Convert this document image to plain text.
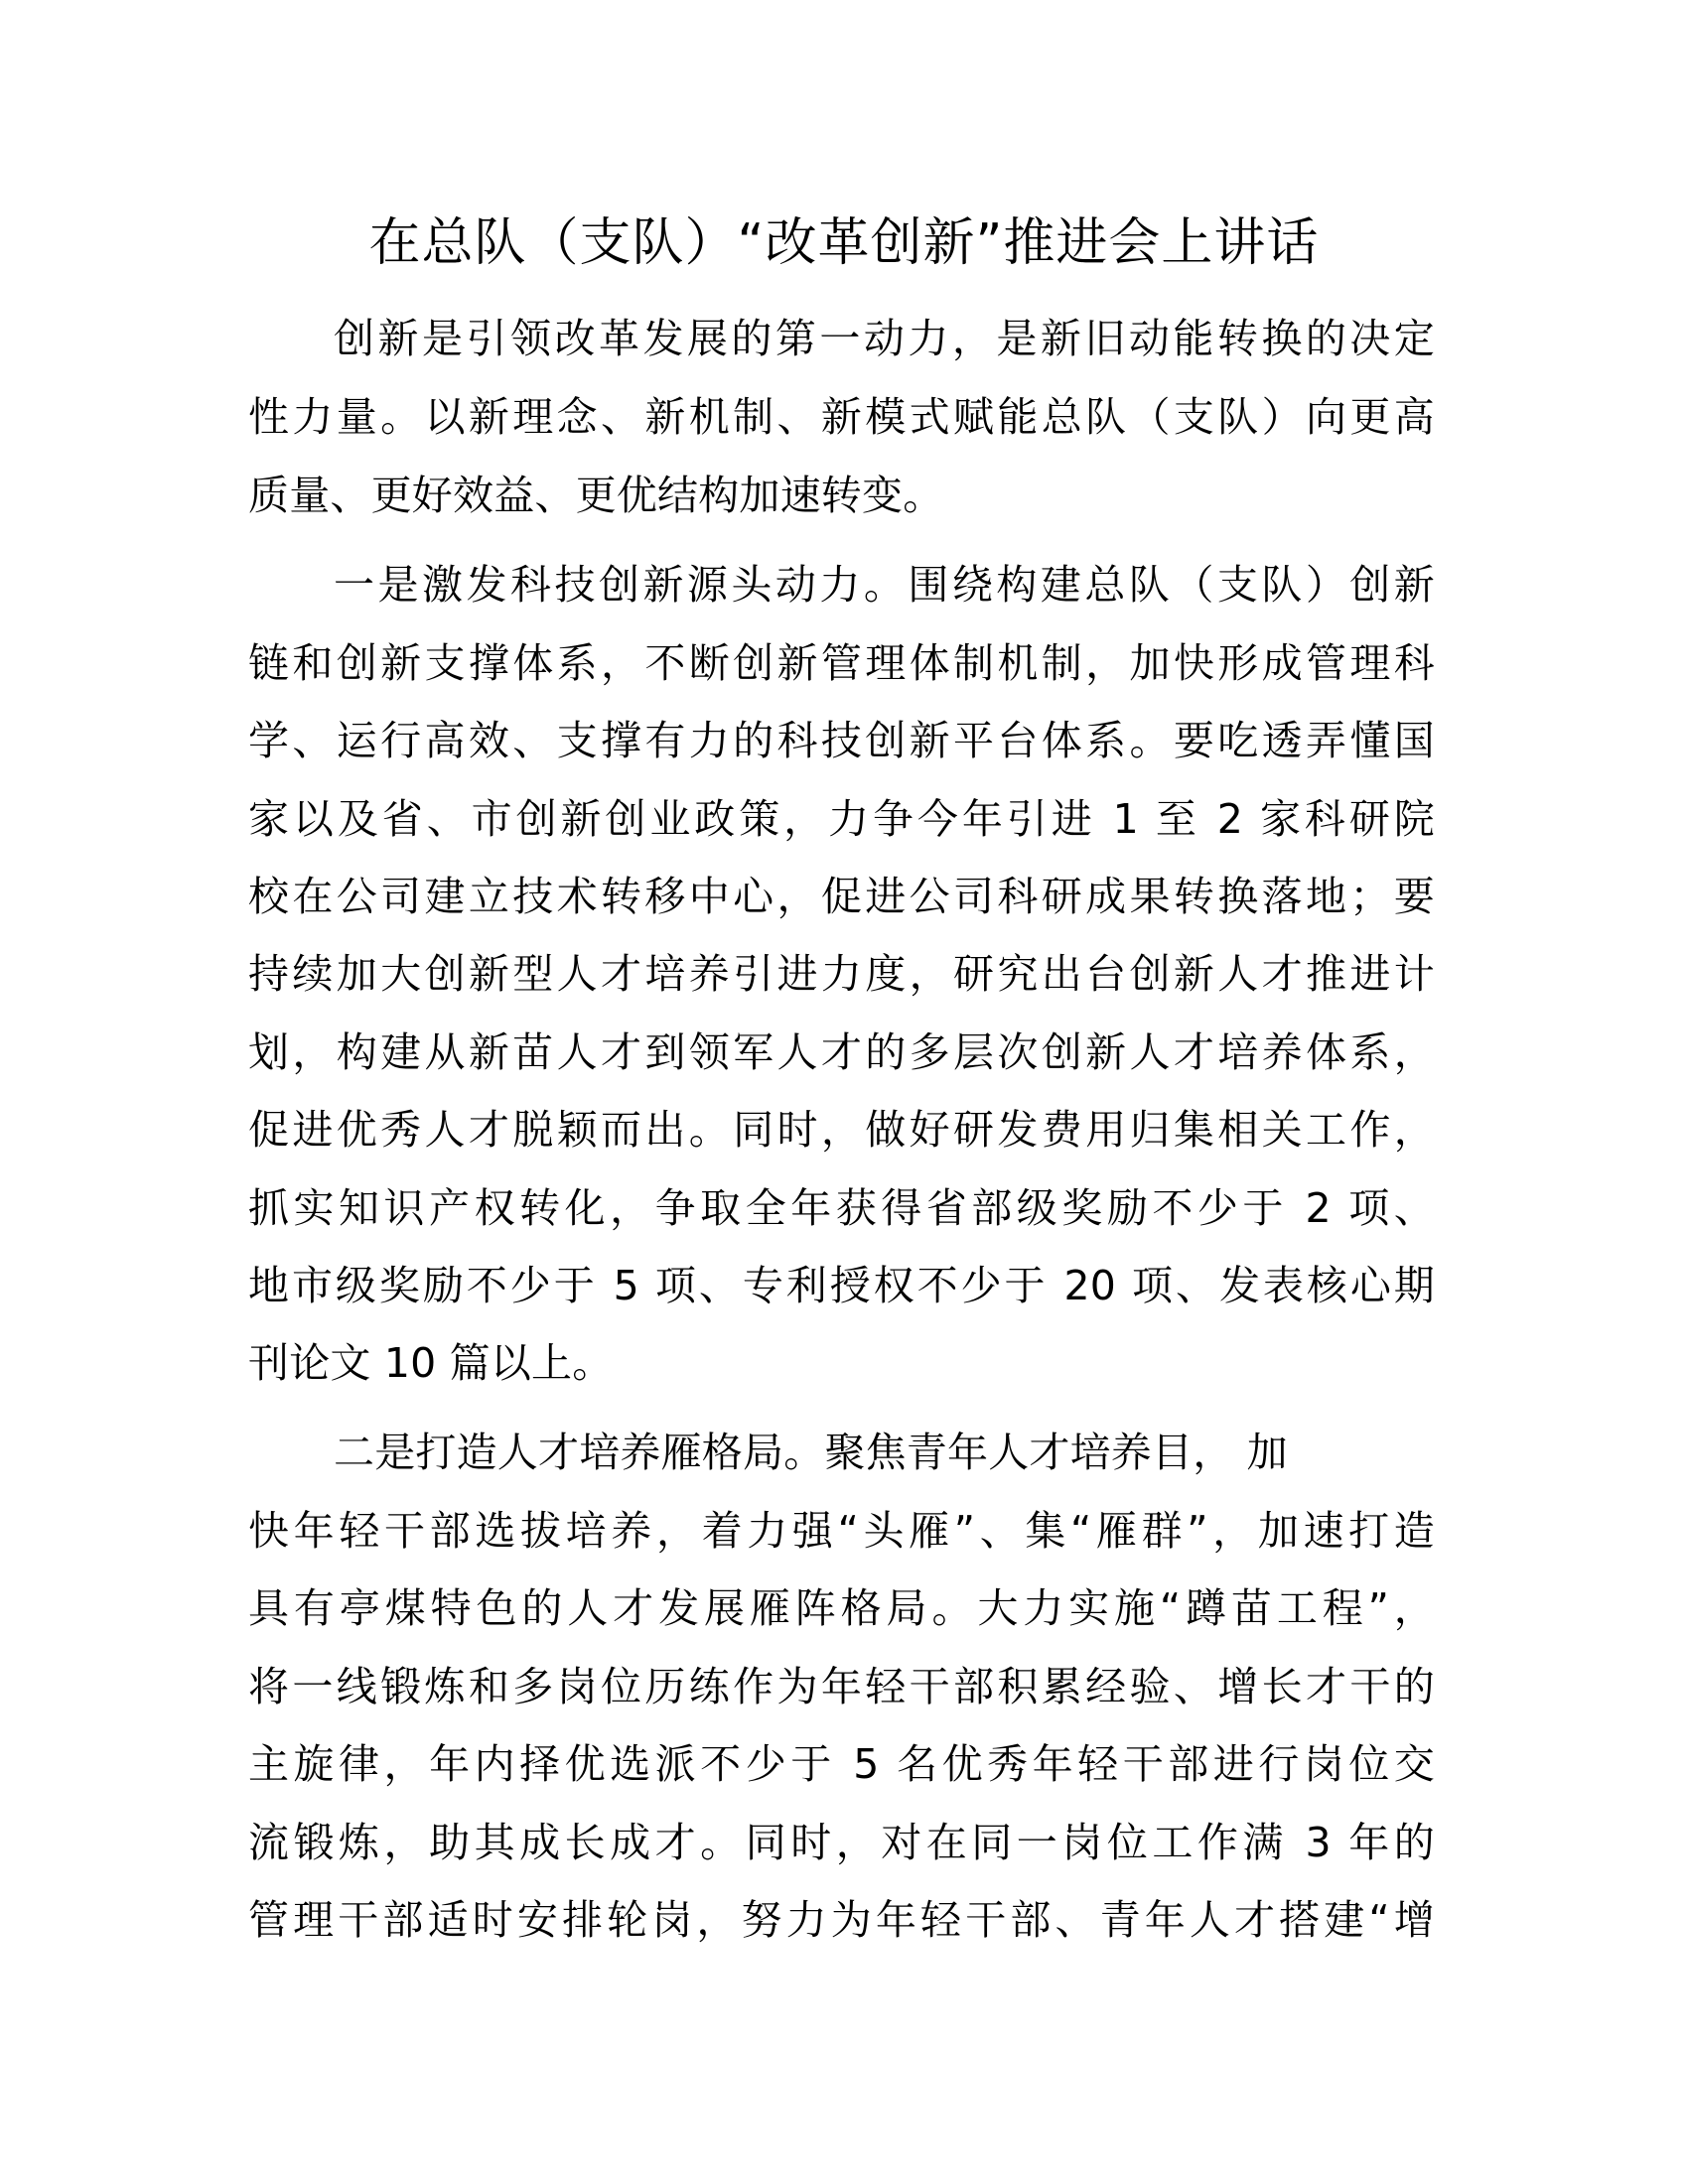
在总队（支队）“改革创新”推进会上讲话
创新是引领改革发展的第一动力，是新旧动能转换的决定
性力量。以新理念、新机制、新模式赋能总队（支队）向更高
质量、更好效益、更优结构加速转变。
一是激发科技创新源头动力。围绕构建总队（支队）创新
链和创新支撑体系，不断创新管理体制机制，加快形成管理科
学、运行高效、支撑有力的科技创新平台体系。要吃透弄懂国
家以及省、市创新创业政策，力争今年引进 1 至 2 家科研院
校在公司建立技术转移中心，促进公司科研成果转换落地；要
持续加大创新型人才培养引进力度，研究出台创新人才推进计
划，构建从新苗人才到领军人才的多层次创新人才培养体系，
促进优秀人才脱颖而出。同时，做好研发费用归集相关工作，
抓实知识产权转化，争取全年获得省部级奖励不少于 2 项、
地市级奖励不少于 5 项、专利授权不少于 20 项、发表核心期
刊论文 10 篇以上。
二是打造人才培养雁格局。聚焦青年人才培养目， 加
快年轻干部选拔培养，着力强“头雁”、集“雁群”，加速打造
具有亭煤特色的人才发展雁阵格局。大力实施“蹲苗工程”，
将一线锻炼和多岗位历练作为年轻干部积累经验、增长才干的
主旋律，年内择优选派不少于 5 名优秀年轻干部进行岗位交
流锻炼，助其成长成才。同时，对在同一岗位工作满 3 年的
管理干部适时安排轮岗，努力为年轻干部、青年人才搭建“增
